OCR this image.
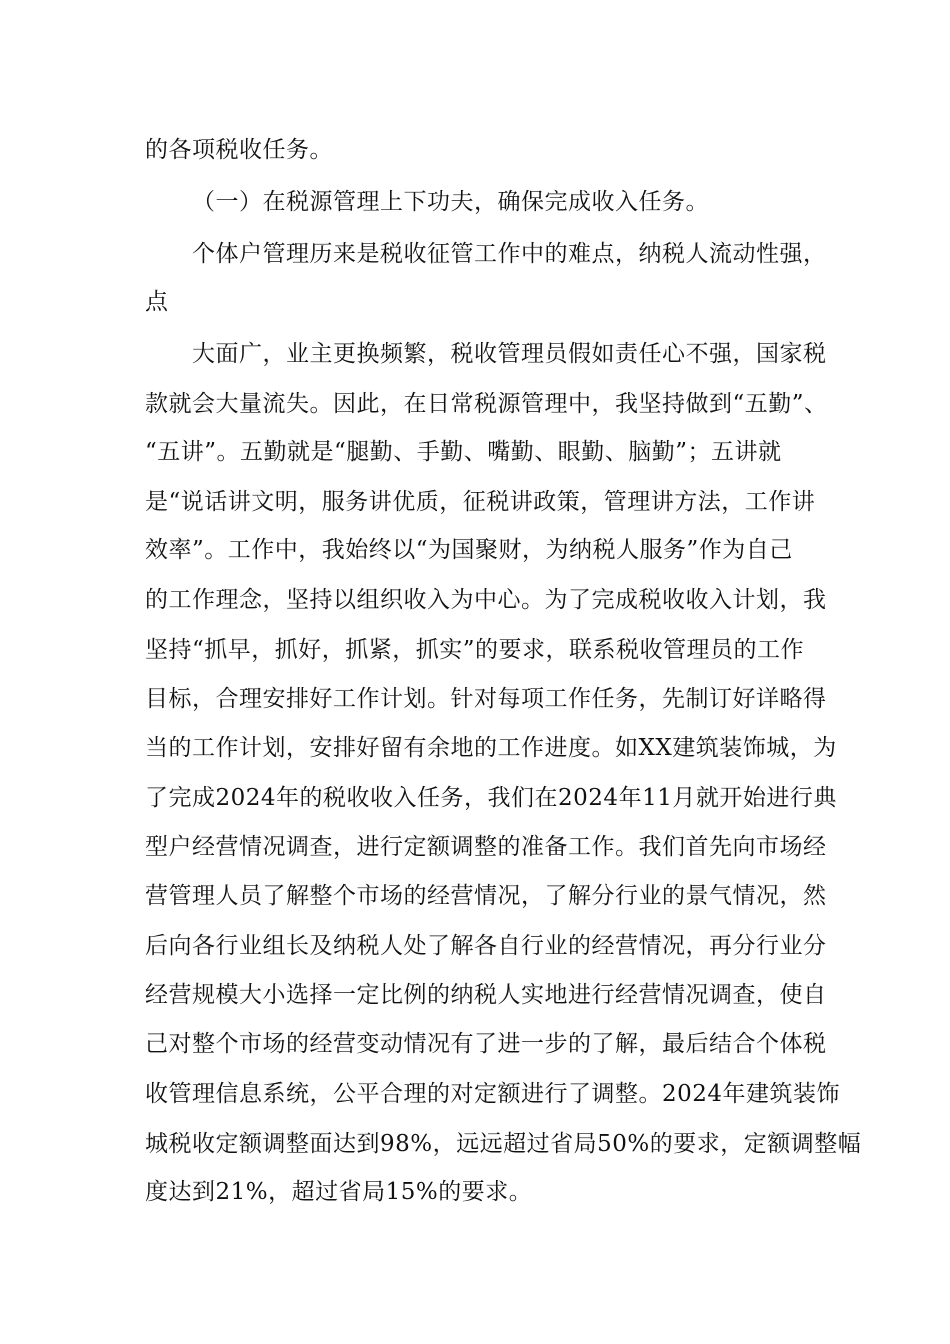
的各项税收任务。
（一）在税源管理上下功夫，确保完成收入任务。
个体户管理历来是税收征管工作中的难点，纳税人流动性强，
点
大面广，业主更换频繁，税收管理员假如责任心不强，国家税
款就会大量流失。因此，在日常税源管理中，我坚持做到“五勤”、
“五讲”。五勤就是“腿勤、手勤、嘴勤、眼勤、脑勤”；五讲就
是“说话讲文明，服务讲优质，征税讲政策，管理讲方法，工作讲
效率”。工作中，我始终以“为国聚财，为纳税人服务”作为自己
的工作理念，坚持以组织收入为中心。为了完成税收收入计划，我
坚持“抓早，抓好，抓紧，抓实”的要求，联系税收管理员的工作
目标，合理安排好工作计划。针对每项工作任务，先制订好详略得
当的工作计划，安排好留有余地的工作进度。如XX建筑装饰城，为
了完成2024年的税收收入任务，我们在2024年11月就开始进行典
型户经营情况调查，进行定额调整的准备工作。我们首先向市场经
营管理人员了解整个市场的经营情况，了解分行业的景气情况，然
后向各行业组长及纳税人处了解各自行业的经营情况，再分行业分
经营规模大小选择一定比例的纳税人实地进行经营情况调查，使自
己对整个市场的经营变动情况有了进一步的了解，最后结合个体税
收管理信息系统，公平合理的对定额进行了调整。2024年建筑装饰
城税收定额调整面达到98%，远远超过省局50%的要求，定额调整幅
度达到21%，超过省局15%的要求。
